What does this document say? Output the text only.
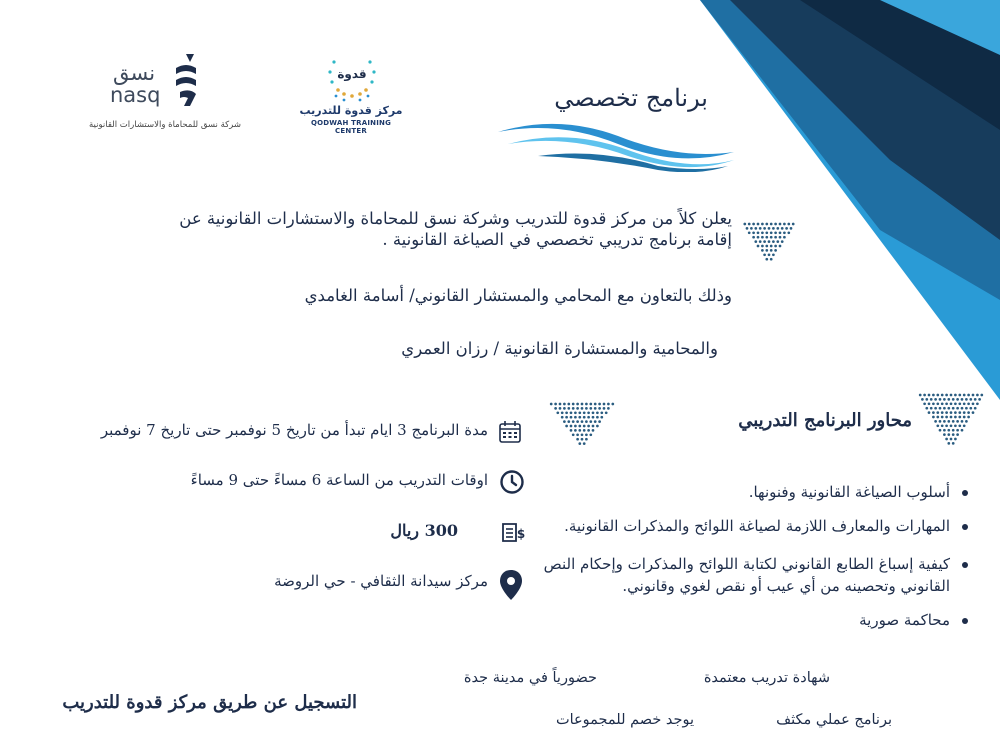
نسق
nasq
شركة نسق للمحاماة والاستشارات القانونية
قدوة
مركز قدوة للتدريب
QODWAH TRAINING CENTER
برنامج تخصصي
يعلن كلاً من مركز قدوة للتدريب وشركة نسق للمحاماة والاستشارات القانونية عن
إقامة برنامج تدريبي تخصصي في الصياغة القانونية .
وذلك بالتعاون مع المحامي والمستشار القانوني/ أسامة الغامدي
والمحامية والمستشارة القانونية / رزان العمري
محاور البرنامج التدريبي
أسلوب الصياغة القانونية وفنونها.
المهارات والمعارف اللازمة لصياغة اللوائح والمذكرات القانونية.
كيفية إسباغ الطابع القانوني لكتابة اللوائح والمذكرات وإحكام النص القانوني وتحصينه من أي عيب أو نقص لغوي وقانوني.
محاكمة صورية
مدة البرنامج 3 ايام تبدأ من تاريخ 5 نوفمبر حتى تاريخ 7 نوفمبر
اوقات التدريب من الساعة 6 مساءً حتى 9 مساءً
$
300 ريال
مركز سيدانة الثقافي - حي الروضة
شهادة تدريب معتمدة
حضورياً في مدينة جدة
برنامج عملي مكثف
يوجد خصم للمجموعات
التسجيل عن طريق مركز قدوة للتدريب
